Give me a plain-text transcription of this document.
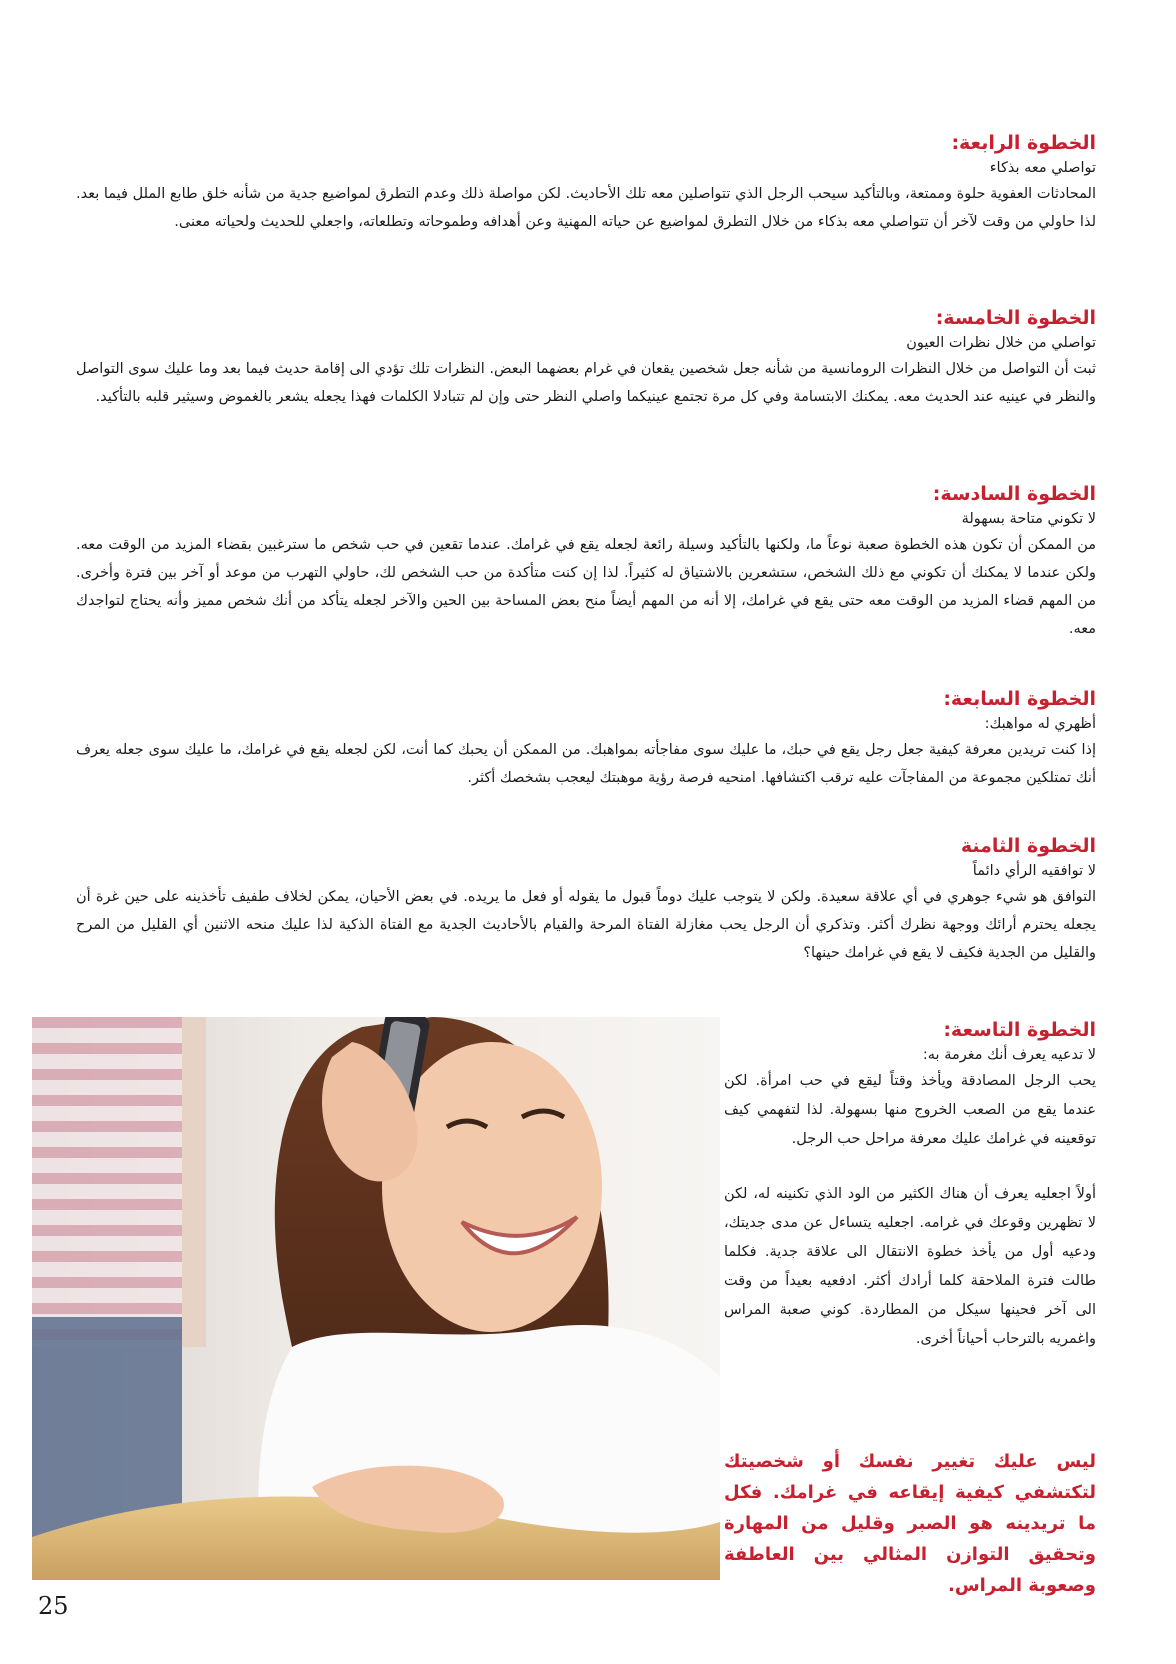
الخطوة الرابعة:
تواصلي معه بذكاء
المحادثات العفوية حلوة وممتعة، وبالتأكيد سيحب الرجل الذي تتواصلين معه تلك الأحاديث. لكن مواصلة ذلك وعدم التطرق لمواضيع جدية من شأنه خلق طابع الملل فيما بعد. لذا حاولي من وقت لآخر أن تتواصلي معه بذكاء من خلال التطرق لمواضيع عن حياته المهنية وعن أهدافه وطموحاته وتطلعاته، واجعلي للحديث ولحياته معنى.
الخطوة الخامسة:
تواصلي من خلال نظرات العيون
ثبت أن التواصل من خلال النظرات الرومانسية من شأنه جعل شخصين يقعان في غرام بعضهما البعض. النظرات تلك تؤدي الى إقامة حديث فيما بعد وما عليك سوى التواصل والنظر في عينيه عند الحديث معه. يمكنك الابتسامة وفي كل مرة تجتمع عينيكما واصلي النظر حتى وإن لم تتبادلا الكلمات فهذا يجعله يشعر بالغموض وسيثير قلبه بالتأكيد.
الخطوة السادسة:
لا تكوني متاحة بسهولة
من الممكن أن تكون هذه الخطوة صعبة نوعاً ما، ولكنها بالتأكيد وسيلة رائعة لجعله يقع في غرامك. عندما تقعين في حب شخص ما سترغبين بقضاء المزيد من الوقت معه. ولكن عندما لا يمكنك أن تكوني مع ذلك الشخص، ستشعرين بالاشتياق له كثيراً. لذا إن كنت متأكدة من حب الشخص لك، حاولي التهرب من موعد أو آخر بين فترة وأخرى. من المهم قضاء المزيد من الوقت معه حتى يقع في غرامك، إلا أنه من المهم أيضاً منح بعض المساحة بين الحين والآخر لجعله يتأكد من أنك شخص مميز وأنه يحتاج لتواجدك معه.
الخطوة السابعة:
أظهري له مواهبك:
إذا كنت تريدين معرفة كيفية جعل رجل يقع في حبك، ما عليك سوى مفاجأته بمواهبك. من الممكن أن يحبك كما أنت، لكن لجعله يقع في غرامك، ما عليك سوى جعله يعرف أنك تمتلكين مجموعة من المفاجآت عليه ترقب اكتشافها. امنحيه فرصة رؤية موهبتك ليعجب بشخصك أكثر.
الخطوة الثامنة
لا توافقيه الرأي دائماً
التوافق هو شيء جوهري في أي علاقة سعيدة. ولكن لا يتوجب عليك دوماً قبول ما يقوله أو فعل ما يريده. في بعض الأحيان، يمكن لخلاف طفيف تأخذينه على حين غرة أن يجعله يحترم أرائك ووجهة نظرك أكثر. وتذكري أن الرجل يحب مغازلة الفتاة المرحة والقيام بالأحاديث الجدية مع الفتاة الذكية لذا عليك منحه الاثنين أي القليل من المرح والقليل من الجدية فكيف لا يقع في غرامك حينها؟
الخطوة التاسعة:
لا تدعيه يعرف أنك مغرمة به:
يحب الرجل المصادقة ويأخذ وقتاً ليقع في حب امرأة. لكن عندما يقع من الصعب الخروج منها بسهولة. لذا لتفهمي كيف توقعينه في غرامك عليك معرفة مراحل حب الرجل.
أولاً اجعليه يعرف أن هناك الكثير من الود الذي تكنينه له، لكن لا تظهرين وقوعك في غرامه. اجعليه يتساءل عن مدى جديتك، ودعيه أول من يأخذ خطوة الانتقال الى علاقة جدية. فكلما طالت فترة الملاحقة كلما أرادك أكثر. ادفعيه بعيداً من وقت الى آخر فحينها سيكل من المطاردة. كوني صعبة المراس واغمريه بالترحاب أحياناً أخرى.
ليس عليك تغيير نفسك أو شخصيتك لتكتشفي كيفية إيقاعه في غرامك. فكل ما تريدينه هو الصبر وقليل من المهارة وتحقيق التوازن المثالي بين العاطفة وصعوبة المراس.
25
